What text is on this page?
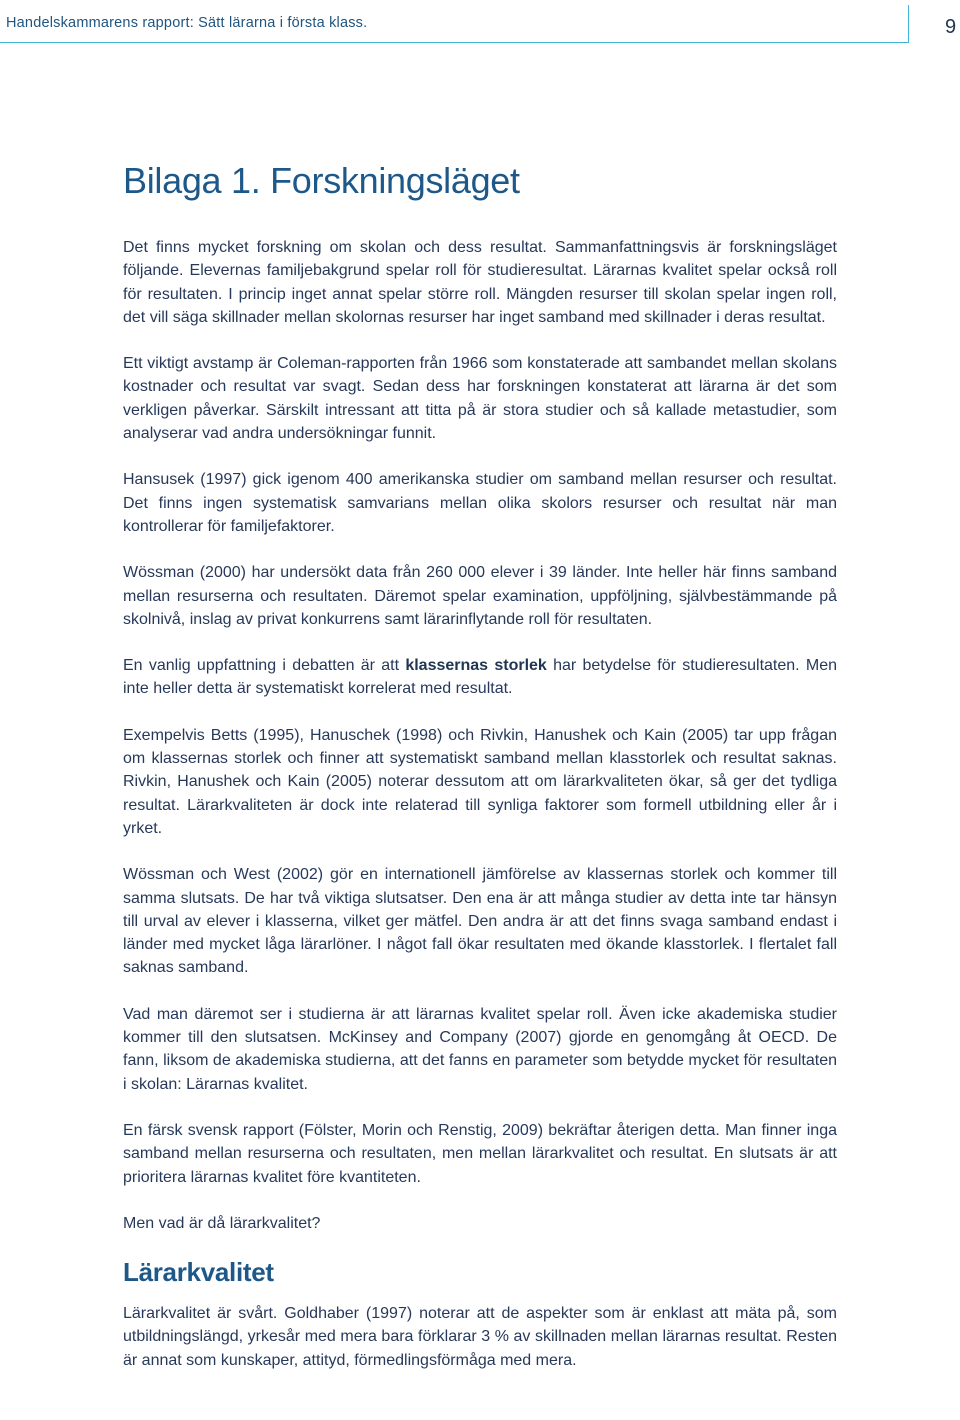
Handelskammarens rapport: Sätt lärarna i första klass.	9
Bilaga 1. Forskningsläget

Det finns mycket forskning om skolan och dess resultat. Sammanfattningsvis är forskningsläget följande. Elevernas familjebakgrund spelar roll för studieresultat. Lärarnas kvalitet spelar också roll för resultaten. I princip inget annat spelar större roll. Mängden resurser till skolan spelar ingen roll, det vill säga skillnader mellan skolornas resurser har inget samband med skillnader i deras resultat.

Ett viktigt avstamp är Coleman-rapporten från 1966 som konstaterade att sambandet mellan skolans kostnader och resultat var svagt. Sedan dess har forskningen konstaterat att lärarna är det som verkligen påverkar. Särskilt intressant att titta på är stora studier och så kallade metastudier, som analyserar vad andra undersökningar funnit.

Hansusek (1997) gick igenom 400 amerikanska studier om samband mellan resurser och resultat. Det finns ingen systematisk samvarians mellan olika skolors resurser och resultat när man kontrollerar för familjefaktorer.

Wössman (2000) har undersökt data från 260 000 elever i 39 länder. Inte heller här finns samband mellan resurserna och resultaten. Däremot spelar examination, uppföljning, självbestämmande på skolnivå, inslag av privat konkurrens samt lärarinflytande roll för resultaten.

En vanlig uppfattning i debatten är att klassernas storlek har betydelse för studieresultaten. Men inte heller detta är systematiskt korrelerat med resultat.

Exempelvis Betts (1995), Hanuschek (1998) och Rivkin, Hanushek och Kain (2005) tar upp frågan om klassernas storlek och finner att systematiskt samband mellan klasstorlek och resultat saknas. Rivkin, Hanushek och Kain (2005) noterar dessutom att om lärarkvaliteten ökar, så ger det tydliga resultat. Lärarkvaliteten är dock inte relaterad till synliga faktorer som formell utbildning eller år i yrket.

Wössman och West (2002) gör en internationell jämförelse av klassernas storlek och kommer till samma slutsats. De har två viktiga slutsatser. Den ena är att många studier av detta inte tar hänsyn till urval av elever i klasserna, vilket ger mätfel. Den andra är att det finns svaga samband endast i länder med mycket låga lärarlöner. I något fall ökar resultaten med ökande klasstorlek. I flertalet fall saknas samband.

Vad man däremot ser i studierna är att lärarnas kvalitet spelar roll. Även icke akademiska studier kommer till den slutsatsen. McKinsey and Company (2007) gjorde en genomgång åt OECD. De fann, liksom de akademiska studierna, att det fanns en parameter som betydde mycket för resultaten i skolan: Lärarnas kvalitet.

En färsk svensk rapport (Fölster, Morin och Renstig, 2009) bekräftar återigen detta. Man finner inga samband mellan resurserna och resultaten, men mellan lärarkvalitet och resultat. En slutsats är att prioritera lärarnas kvalitet före kvantiteten.

Men vad är då lärarkvalitet?

Lärarkvalitet

Lärarkvalitet är svårt. Goldhaber (1997) noterar att de aspekter som är enklast att mäta på, som utbildningslängd, yrkesår med mera bara förklarar 3 % av skillnaden mellan lärarnas resultat. Resten är annat som kunskaper, attityd, förmedlingsförmåga med mera.
